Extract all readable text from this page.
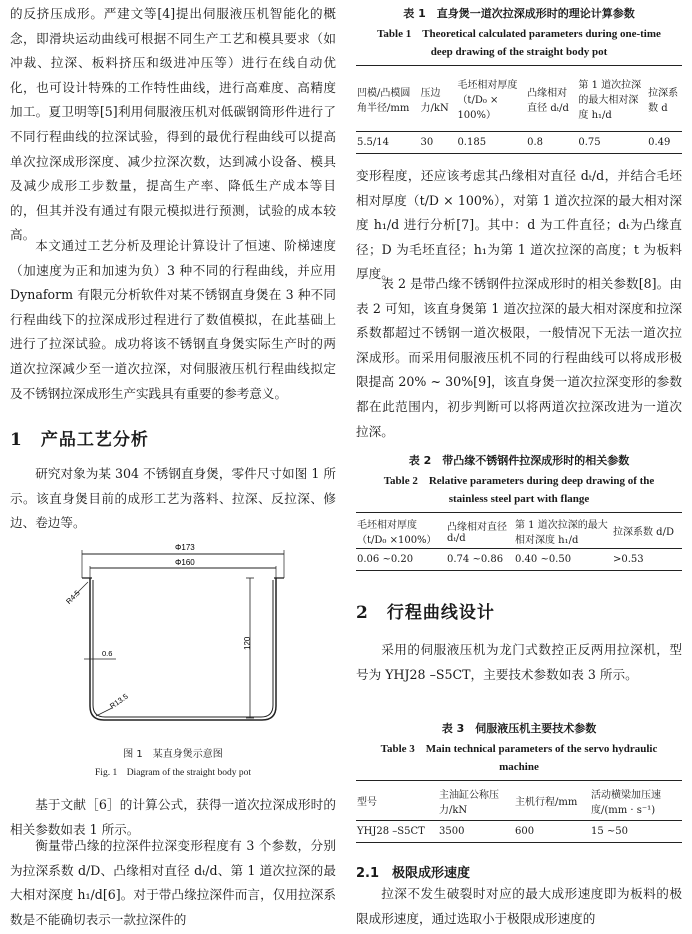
的反挤压成形。严建文等[4]提出伺服液压机智能化的概念，即滑块运动曲线可根据不同生产工艺和模具要求（如冲裁、拉深、板料挤压和级进冲压等）进行在线自动优化，也可设计特殊的工作特性曲线，进行高难度、高精度加工。夏卫明等[5]利用伺服液压机对低碳钢筒形件进行了不同行程曲线的拉深试验，得到的最优行程曲线可以提高单次拉深成形深度、减少拉深次数，达到减小设备、模具及减少成形工步数量，提高生产率、降低生产成本等目的，但其并没有通过有限元模拟进行预测，试验的成本较高。

本文通过工艺分析及理论计算设计了恒速、阶梯速度（加速度为正和加速为负）3 种不同的行程曲线，并应用 Dynaform 有限元分析软件对某不锈钢直身煲在 3 种不同行程曲线下的拉深成形过程进行了数值模拟，在此基础上进行了拉深试验。成功将该不锈钢直身煲实际生产时的两道次拉深减少至一道次拉深，对伺服液压机行程曲线拟定及不锈钢拉深成形生产实践具有重要的参考意义。

1　产品工艺分析

研究对象为某 304 不锈钢直身煲，零件尺寸如图 1 所示。该直身煲目前的成形工艺为落料、拉深、反拉深、修边、卷边等。

Φ173
Φ160
R4.5
0.6
120
R13.5
图 1　某直身煲示意图
Fig. 1　Diagram of the straight body pot

基于文献［6］的计算公式，获得一道次拉深成形时的相关参数如表 1 所示。

衡量带凸缘的拉深件拉深变形程度有 3 个参数，分别为拉深系数 d/D、凸缘相对直径 dₜ/d、第 1 道次拉深的最大相对深度 h₁/d[6]。对于带凸缘拉深件而言，仅用拉深系数是不能确切表示一款拉深件的

表 1　直身煲一道次拉深成形时的理论计算参数
Table 1　Theoretical calculated parameters during one-time
deep drawing of the straight body pot
凹模/凸模圆角半径/mm	压边力/kN	毛坯相对厚度（t/D₀ × 100%）	凸缘相对直径 dₜ/d	第 1 道次拉深的最大相对深度 h₁/d	拉深系数 d
5.5/14	30	0.185	0.8	0.75	0.49

变形程度，还应该考虑其凸缘相对直径 dₜ/d，并结合毛坯相对厚度（t/D × 100%），对第 1 道次拉深的最大相对深度 h₁/d 进行分析[7]。其中：d 为工件直径；dₜ为凸缘直径；D 为毛坯直径；h₁为第 1 道次拉深的高度；t 为板料厚度。

表 2 是带凸缘不锈钢件拉深成形时的相关参数[8]。由表 2 可知，该直身煲第 1 道次拉深的最大相对深度和拉深系数都超过不锈钢一道次极限，一般情况下无法一道次拉深成形。而采用伺服液压机不同的行程曲线可以将成形极限提高 20% ~ 30%[9]，该直身煲一道次拉深变形的参数都在此范围内，初步判断可以将两道次拉深改进为一道次拉深。

表 2　带凸缘不锈钢件拉深成形时的相关参数
Table 2　Relative parameters during deep drawing of the
stainless steel part with flange
毛坯相对厚度（t/D₀ ×100%）	凸缘相对直径 dₜ/d	第 1 道次拉深的最大相对深度 h₁/d	拉深系数 d/D
0.06 ~0.20	0.74 ~0.86	0.40 ~0.50	>0.53
2　行程曲线设计

采用的伺服液压机为龙门式数控正反两用拉深机，型号为 YHJ28 –S5CT，主要技术参数如表 3 所示。

表 3　伺服液压机主要技术参数
Table 3　Main technical parameters of the servo hydraulic
machine
型号	主油缸公称压力/kN	主机行程/mm	活动横梁加压速度/(mm · s⁻¹)
YHJ28 –S5CT	3500	600	15 ~50
2.1　极限成形速度

拉深不发生破裂时对应的最大成形速度即为板料的极限成形速度，通过选取小于极限成形速度的
